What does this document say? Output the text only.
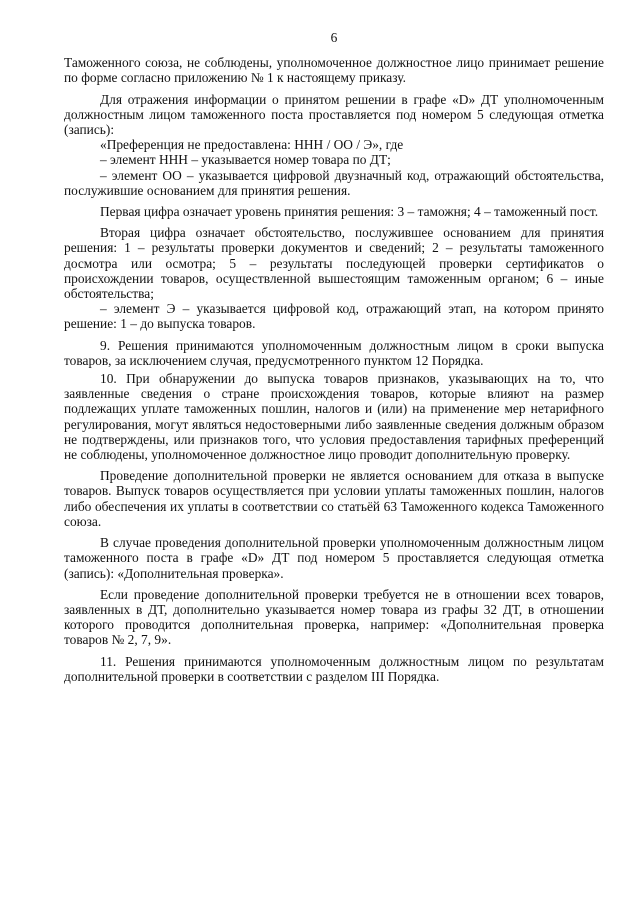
6

Таможенного союза, не соблюдены, уполномоченное должностное лицо принимает решение по форме согласно приложению № 1 к настоящему приказу.

Для отражения информации о принятом решении в графе «D» ДТ уполномоченным должностным лицом таможенного поста проставляется под номером 5 следующая отметка (запись):

«Преференция не предоставлена: ННН / ОО / Э», где

– элемент ННН – указывается номер товара по ДТ;

– элемент ОО – указывается цифровой двузначный код, отражающий обстоятельства, послужившие основанием для принятия решения.

Первая цифра означает уровень принятия решения: 3 – таможня; 4 – таможенный пост.

Вторая цифра означает обстоятельство, послужившее основанием для принятия решения: 1 – результаты проверки документов и сведений; 2 – результаты таможенного досмотра или осмотра; 5 – результаты последующей проверки сертификатов о происхождении товаров, осуществленной вышестоящим таможенным органом; 6 – иные обстоятельства;

– элемент Э – указывается цифровой код, отражающий этап, на котором принято решение: 1 – до выпуска товаров.

9. Решения принимаются уполномоченным должностным лицом в сроки выпуска товаров, за исключением случая, предусмотренного пунктом 12 Порядка.

10. При обнаружении до выпуска товаров признаков, указывающих на то, что заявленные сведения о стране происхождения товаров, которые влияют на размер подлежащих уплате таможенных пошлин, налогов и (или) на применение мер нетарифного регулирования, могут являться недостоверными либо заявленные сведения должным образом не подтверждены, или признаков того, что условия предоставления тарифных преференций не соблюдены, уполномоченное должностное лицо проводит дополнительную проверку.

Проведение дополнительной проверки не является основанием для отказа в выпуске товаров. Выпуск товаров осуществляется при условии уплаты таможенных пошлин, налогов либо обеспечения их уплаты в соответствии со статьёй 63 Таможенного кодекса Таможенного союза.

В случае проведения дополнительной проверки уполномоченным должностным лицом таможенного поста в графе «D» ДТ под номером 5 проставляется следующая отметка (запись): «Дополнительная проверка».

Если проведение дополнительной проверки требуется не в отношении всех товаров, заявленных в ДТ, дополнительно указывается номер товара из графы 32 ДТ, в отношении которого проводится дополнительная проверка, например: «Дополнительная проверка товаров № 2, 7, 9».

11. Решения принимаются уполномоченным должностным лицом по результатам дополнительной проверки в соответствии с разделом III Порядка.
